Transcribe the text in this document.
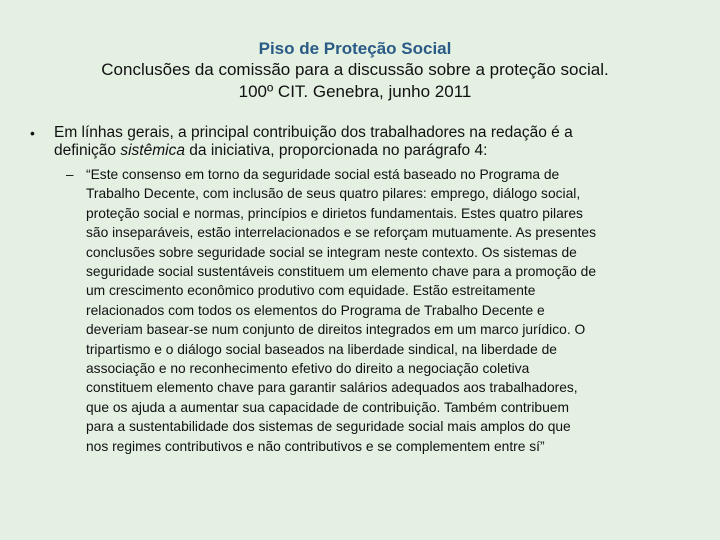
Piso de Proteção Social
Conclusões da comissão para a discussão sobre a proteção social.
100º CIT. Genebra, junho 2011
• Em línhas gerais, a principal contribuição dos trabalhadores na redação é a
definição sistêmica da iniciativa, proporcionada no parágrafo 4:
– “Este consenso em torno da seguridade social está baseado no Programa de
Trabalho Decente, com inclusão de seus quatro pilares: emprego, diálogo social,
proteção social e normas, princípios e dirietos fundamentais. Estes quatro pilares
são inseparáveis, estão interrelacionados e se reforçam mutuamente. As presentes
conclusões sobre seguridade social se integram neste contexto. Os sistemas de
seguridade social sustentáveis constituem um elemento chave para a promoção de
um crescimento econômico produtivo com equidade. Estão estreitamente
relacionados com todos os elementos do Programa de Trabalho Decente e
deveriam basear-se num conjunto de direitos integrados em um marco jurídico. O
tripartismo e o diálogo social baseados na liberdade sindical, na liberdade de
associação e no reconhecimento efetivo do direito a negociação coletiva
constituem elemento chave para garantir salários adequados aos trabalhadores,
que os ajuda a aumentar sua capacidade de contribuição. Também contribuem
para a sustentabilidade dos sistemas de seguridade social mais amplos do que
nos regimes contributivos e não contributivos e se complementem entre sí”
